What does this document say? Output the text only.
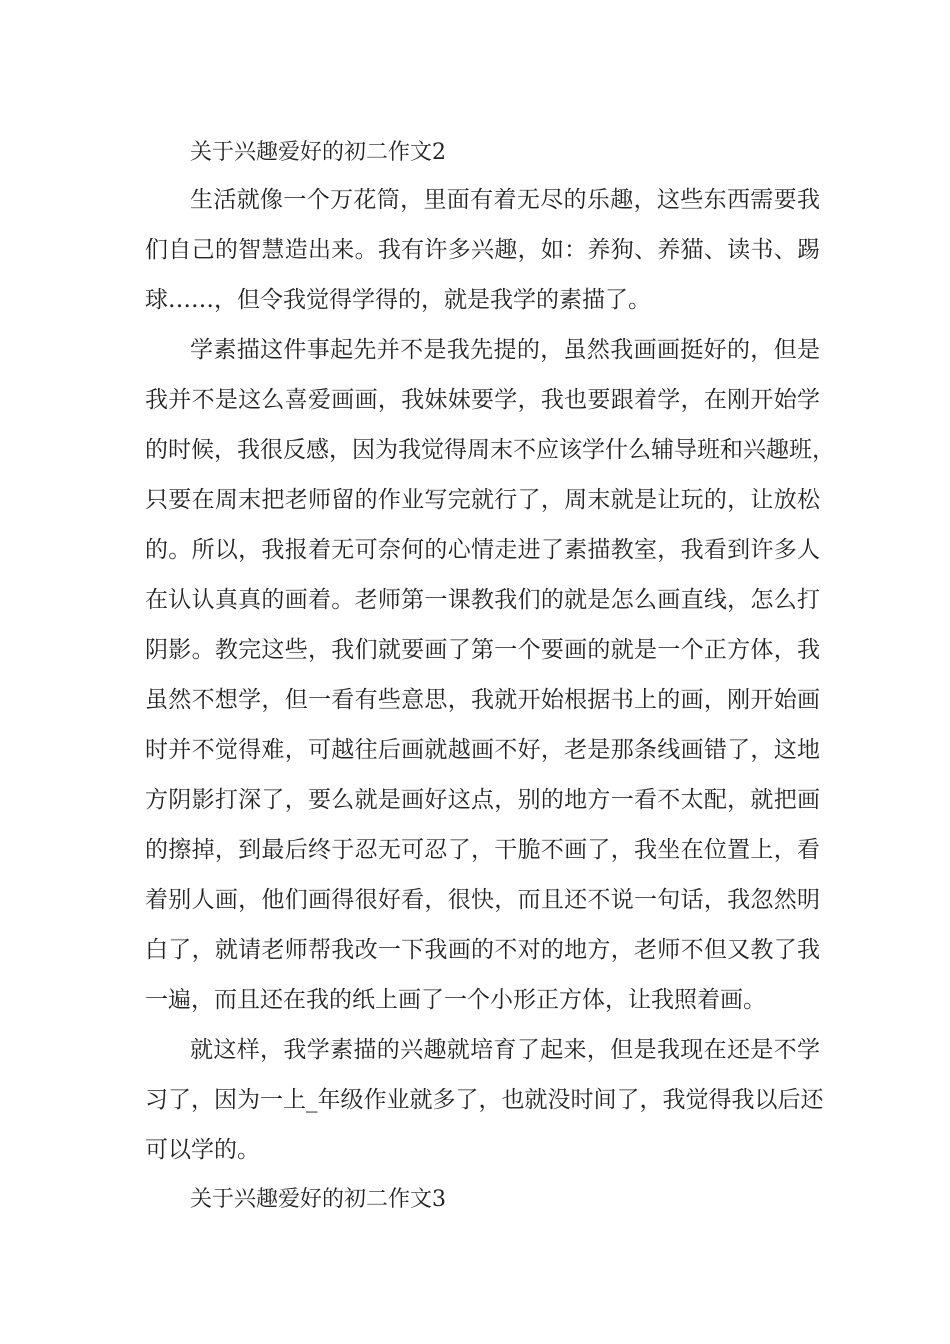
关于兴趣爱好的初二作文2
生活就像一个万花筒，里面有着无尽的乐趣，这些东西需要我
们自己的智慧造出来。我有许多兴趣，如：养狗、养猫、读书、踢
球……，但令我觉得学得的，就是我学的素描了。
学素描这件事起先并不是我先提的，虽然我画画挺好的，但是
我并不是这么喜爱画画，我妹妹要学，我也要跟着学，在刚开始学
的时候，我很反感，因为我觉得周末不应该学什么辅导班和兴趣班，
只要在周末把老师留的作业写完就行了，周末就是让玩的，让放松
的。所以，我报着无可奈何的心情走进了素描教室，我看到许多人
在认认真真的画着。老师第一课教我们的就是怎么画直线，怎么打
阴影。教完这些，我们就要画了第一个要画的就是一个正方体，我
虽然不想学，但一看有些意思，我就开始根据书上的画，刚开始画
时并不觉得难，可越往后画就越画不好，老是那条线画错了，这地
方阴影打深了，要么就是画好这点，别的地方一看不太配，就把画
的擦掉，到最后终于忍无可忍了，干脆不画了，我坐在位置上，看
着别人画，他们画得很好看，很快，而且还不说一句话，我忽然明
白了，就请老师帮我改一下我画的不对的地方，老师不但又教了我
一遍，而且还在我的纸上画了一个小形正方体，让我照着画。
就这样，我学素描的兴趣就培育了起来，但是我现在还是不学
习了，因为一上_年级作业就多了，也就没时间了，我觉得我以后还
可以学的。
关于兴趣爱好的初二作文3
